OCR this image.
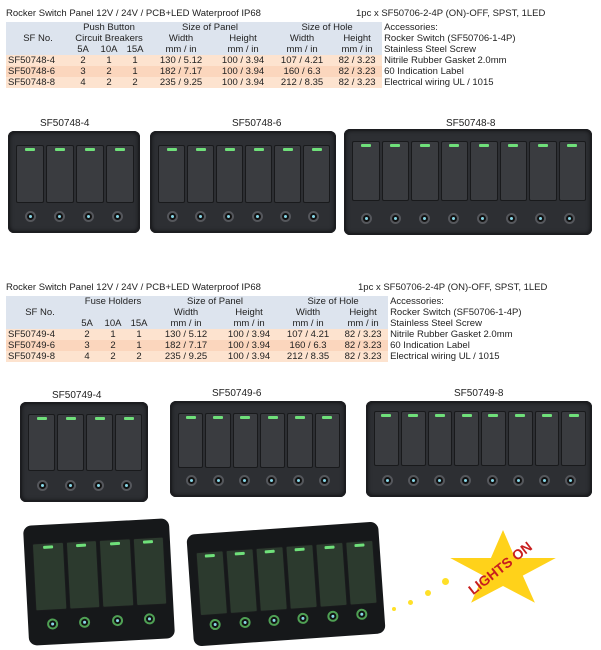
Rocker Switch Panel 12V / 24V / PCB+LED Waterproof IP68	1pc x SF50706-2-4P (ON)-OFF, SPST, 1LED
	Push Button			Size of Panel		Size of Hole		Accessories:
SF No.	Circuit Breakers			Width	Height	Width	Height	Rocker Switch (SF50706-1-4P)
	5A	10A	15A	mm / in	mm / in	mm / in	mm / in	Stainless Steel Screw
SF50748-4	2	1	1	130 / 5.12	100 / 3.94	107 / 4.21	82 / 3.23	Nitrile Rubber Gasket 2.0mm
SF50748-6	3	2	1	182 / 7.17	100 / 3.94	160 / 6.3	82 / 3.23	60 Indication Label
SF50748-8	4	2	2	235 / 9.25	100 / 3.94	212 / 8.35	82 / 3.23	Electrical wiring UL / 1015
SF50748-4	SF50748-6	SF50748-8
Rocker Switch Panel 12V / 24V / PCB+LED Waterproof IP68	1pc x SF50706-2-4P (ON)-OFF, SPST, 1LED
	Fuse Holders			Size of Panel		Size of Hole		Accessories:
SF No.				Width	Height	Width	Height	Rocker Switch (SF50706-1-4P)
	5A	10A	15A	mm / in	mm / in	mm / in	mm / in	Stainless Steel Screw
SF50749-4	2	1	1	130 / 5.12	100 / 3.94	107 / 4.21	82 / 3.23	Nitrile Rubber Gasket 2.0mm
SF50749-6	3	2	1	182 / 7.17	100 / 3.94	160 / 6.3	82 / 3.23	60 Indication Label
SF50749-8	4	2	2	235 / 9.25	100 / 3.94	212 / 8.35	82 / 3.23	Electrical wiring UL / 1015
SF50749-4	SF50749-6	SF50749-8
LIGHTS ON
